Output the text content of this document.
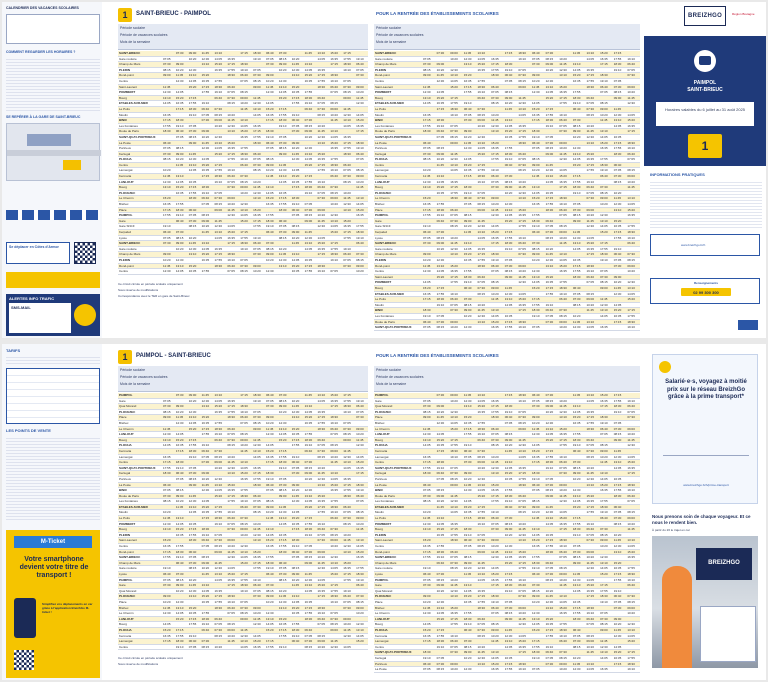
CALENDRIER DES VACANCES SCOLAIRES
COMMENT REGARDER LES HORAIRES ?
SE REPÉRER À LA GARE DE SAINT-BRIEUC
Se déplacer en Côtes d'Armor
ALERTES INFO TRAFIC
SMS-MAIL
1	SAINT-BRIEUC - PAIMPOL
Période scolaire
Période de vacances scolaires
Mois de la semaine
SAINT-BRIEUC	07:30 09:00 11:45 13:10	17:15 18:30 06:40 07:30	11:45 13:10 15:20 17:15
Gare routière	07:05	10:20 12:30 14:05 16:35	19:10 07:05 08:15 10:20	14:05 16:35 17:55 19:10
Champ de Mars	07:30 09:00	13:10 15:20 17:15 18:30	07:30 09:00 11:45 13:10	17:15 18:30 06:40
PLERIN	08:15 10:20 12:30	16:35 17:55 19:10 07:05	10:20 12:30 14:05 16:35	19:10 07:05
Rond-point	09:00 11:45 13:10 15:20	18:30 06:40 07:30 09:00	13:10 15:20 17:15 18:30	07:30
Centre	12:30 14:05 16:35 17:55	07:05 08:15 10:20 12:30	16:35 17:55 19:10 07:05
Saint-Laurent	11:45	15:20 17:15 18:30 06:40	09:00 11:45 13:10 15:20	18:30 06:40 07:30 09:00
POMMERIT	12:30 14:05	17:55 19:10 07:05 08:15	12:30 14:05 16:35 17:55	07:05 08:15 10:20
Bourg	13:10 15:20 17:15	06:40 07:30 09:00 11:45	15:20 17:15 18:30 06:40	09:00 11:45
ETABLES-SUR-MER	14:05 16:35 17:55 19:10	08:15 10:20 12:30 14:05	17:55 19:10 07:05 08:15	12:30
Le Puits	17:15 18:30 06:40 07:30	11:45 13:10 15:20 17:15	06:40 07:30 09:00 11:45
Moulin	16:35	19:10 07:05 08:15 10:20	14:05 16:35 17:55 19:10	08:15 10:20 12:30 14:05
BINIC	17:15 18:30	07:30 09:00 11:45 13:10	17:15 18:30 06:40 07:30	11:45 13:10 15:20
Les Fontaines	17:55 19:10 07:05	10:20 12:30 14:05 16:35	19:10 07:05 08:15 10:20	14:05 16:35
Route de Paris	18:30 06:40 07:30 09:00	13:10 15:20 17:15 18:30	07:30 09:00 11:45 13:10	17:15
SAINT-QUAY-PORTRIEUX	07:05 08:15 10:20 12:30	16:35 17:55 19:10 07:05	10:20 12:30 14:05 16:35
La Poste	06:40	09:00 11:45 13:10 15:20	18:30 06:40 07:30 09:00	13:10 15:20 17:15 18:30
Portrieux	07:05 08:15	12:30 14:05 16:35 17:55	07:05 08:15 10:20 12:30	16:35 17:55 19:10
Kertugal	07:30 09:00 11:45	15:20 17:15 18:30 06:40	09:00 11:45 13:10 15:20	18:30 06:40
PLOUHA	08:15 10:20 12:30 14:05	17:55 19:10 07:05 08:15	12:30 14:05 16:35 17:55	07:05
Centre	11:45 13:10 15:20 17:15	06:40 07:30 09:00 11:45	15:20 17:15 18:30 06:40
Lannergat	10:20	14:05 16:35 17:55 19:10	08:15 10:20 12:30 14:05	17:55 19:10 07:05 08:15
Kermaria	11:45 13:10	17:15 18:30 06:40 07:30	11:45 13:10 15:20 17:15	06:40 07:30 09:00
LANLOUP	12:30 14:05 16:35	19:10 07:05 08:15 10:20	14:05 16:35 17:55 19:10	08:15 10:20
Bourg	13:10 15:20 17:15 18:30	07:30 09:00 11:45 13:10	17:15 18:30 06:40 07:30	11:45
PLOUEZEC	16:35 17:55 19:10 07:05	10:20 12:30 14:05 16:35	19:10 07:05 08:15 10:20
Le Chemin	15:20	18:30 06:40 07:30 09:00	13:10 15:20 17:15 18:30	07:30 09:00 11:45 13:10
Bréhec	16:35 17:55	07:05 08:15 10:20 12:30	16:35 17:55 19:10 07:05	10:20 12:30 14:05
Place	17:15 18:30 06:40	09:00 11:45 13:10 15:20	18:30 06:40 07:30 09:00	13:10 15:20
PAIMPOL	17:55 19:10 07:05 08:15	12:30 14:05 16:35 17:55	07:05 08:15 10:20 12:30	16:35
Gare	06:40 07:30 09:00 11:45	15:20 17:15 18:30 06:40	09:00 11:45 13:10 15:20
Gare SNCF	19:10	08:15 10:20 12:30 14:05	17:55 19:10 07:05 08:15	12:30 14:05 16:35 17:55
Kerpalud	06:40 07:30	11:45 13:10 15:20 17:15	06:40 07:30 09:00 11:45	15:20 17:15 18:30
Lycée	07:05 08:15 10:20	14:05 16:35 17:55 19:10	08:15 10:20 12:30 14:05	17:55 19:10
SAINT-BRIEUC	07:30 09:00 11:45 13:10	17:15 18:30 06:40 07:30	11:45 13:10 15:20 17:15	06:40
Gare routière	10:20 12:30 14:05 16:35	19:10 07:05 08:15 10:20	14:05 16:35 17:55 19:10
Champ de Mars	09:00	13:10 15:20 17:15 18:30	07:30 09:00 11:45 13:10	17:15 18:30 06:40 07:30
PLERIN	10:20 12:30	16:35 17:55 19:10 07:05	10:20 12:30 14:05 16:35	19:10 07:05 08:15
Rond-point	11:45 13:10 15:20	18:30 06:40 07:30 09:00	13:10 15:20 17:15 18:30	07:30 09:00
Centre	12:30 14:05 16:35 17:55	07:05 08:15 10:20 12:30	16:35 17:55 19:10 07:05	10:20
Ce circuit circule en période scolaire uniquement
Sous réserve de modifications
Correspondance avec le TER en gare de Saint-Brieuc
POUR LA RENTRÉE DES ÉTABLISSEMENTS SCOLAIRES
Période scolaire
Période de vacances scolaires
Mois de la semaine
SAINT-BRIEUC	07:30 09:00 11:45 13:10	17:15 18:30 06:40 07:30	11:45 13:10 15:20 17:15
Gare routière	07:05	10:20 12:30 14:05 16:35	19:10 07:05 08:15 10:20	14:05 16:35 17:55 19:10
Champ de Mars	07:30 09:00	13:10 15:20 17:15 18:30	07:30 09:00 11:45 13:10	17:15 18:30 06:40
PLERIN	08:15 10:20 12:30	16:35 17:55 19:10 07:05	10:20 12:30 14:05 16:35	19:10 07:05
Rond-point	09:00 11:45 13:10 15:20	18:30 06:40 07:30 09:00	13:10 15:20 17:15 18:30	07:30
Centre	12:30 14:05 16:35 17:55	07:05 08:15 10:20 12:30	16:35 17:55 19:10 07:05
Saint-Laurent	11:45	15:20 17:15 18:30 06:40	09:00 11:45 13:10 15:20	18:30 06:40 07:30 09:00
POMMERIT	12:30 14:05	17:55 19:10 07:05 08:15	12:30 14:05 16:35 17:55	07:05 08:15 10:20
Bourg	13:10 15:20 17:15	06:40 07:30 09:00 11:45	15:20 17:15 18:30 06:40	09:00 11:45
ETABLES-SUR-MER	14:05 16:35 17:55 19:10	08:15 10:20 12:30 14:05	17:55 19:10 07:05 08:15	12:30
Le Puits	17:15 18:30 06:40 07:30	11:45 13:10 15:20 17:15	06:40 07:30 09:00 11:45
Moulin	16:35	19:10 07:05 08:15 10:20	14:05 16:35 17:55 19:10	08:15 10:20 12:30 14:05
BINIC	17:15 18:30	07:30 09:00 11:45 13:10	17:15 18:30 06:40 07:30	11:45 13:10 15:20
Les Fontaines	17:55 19:10 07:05	10:20 12:30 14:05 16:35	19:10 07:05 08:15 10:20	14:05 16:35
Route de Paris	18:30 06:40 07:30 09:00	13:10 15:20 17:15 18:30	07:30 09:00 11:45 13:10	17:15
SAINT-QUAY-PORTRIEUX	07:05 08:15 10:20 12:30	16:35 17:55 19:10 07:05	10:20 12:30 14:05 16:35
La Poste	06:40	09:00 11:45 13:10 15:20	18:30 06:40 07:30 09:00	13:10 15:20 17:15 18:30
Portrieux	07:05 08:15	12:30 14:05 16:35 17:55	07:05 08:15 10:20 12:30	16:35 17:55 19:10
Kertugal	07:30 09:00 11:45	15:20 17:15 18:30 06:40	09:00 11:45 13:10 15:20	18:30 06:40
PLOUHA	08:15 10:20 12:30 14:05	17:55 19:10 07:05 08:15	12:30 14:05 16:35 17:55	07:05
Centre	11:45 13:10 15:20 17:15	06:40 07:30 09:00 11:45	15:20 17:15 18:30 06:40
Lannergat	10:20	14:05 16:35 17:55 19:10	08:15 10:20 12:30 14:05	17:55 19:10 07:05 08:15
Kermaria	11:45 13:10	17:15 18:30 06:40 07:30	11:45 13:10 15:20 17:15	06:40 07:30 09:00
LANLOUP	12:30 14:05 16:35	19:10 07:05 08:15 10:20	14:05 16:35 17:55 19:10	08:15 10:20
Bourg	13:10 15:20 17:15 18:30	07:30 09:00 11:45 13:10	17:15 18:30 06:40 07:30	11:45
PLOUEZEC	16:35 17:55 19:10 07:05	10:20 12:30 14:05 16:35	19:10 07:05 08:15 10:20
Le Chemin	15:20	18:30 06:40 07:30 09:00	13:10 15:20 17:15 18:30	07:30 09:00 11:45 13:10
Bréhec	16:35 17:55	07:05 08:15 10:20 12:30	16:35 17:55 19:10 07:05	10:20 12:30 14:05
Place	17:15 18:30 06:40	09:00 11:45 13:10 15:20	18:30 06:40 07:30 09:00	13:10 15:20
PAIMPOL	17:55 19:10 07:05 08:15	12:30 14:05 16:35 17:55	07:05 08:15 10:20 12:30	16:35
Gare	06:40 07:30 09:00 11:45	15:20 17:15 18:30 06:40	09:00 11:45 13:10 15:20
Gare SNCF	19:10	08:15 10:20 12:30 14:05	17:55 19:10 07:05 08:15	12:30 14:05 16:35 17:55
Kerpalud	06:40 07:30	11:45 13:10 15:20 17:15	06:40 07:30 09:00 11:45	15:20 17:15 18:30
Lycée	07:05 08:15 10:20	14:05 16:35 17:55 19:10	08:15 10:20 12:30 14:05	17:55 19:10
SAINT-BRIEUC	07:30 09:00 11:45 13:10	17:15 18:30 06:40 07:30	11:45 13:10 15:20 17:15	06:40
Gare routière	10:20 12:30 14:05 16:35	19:10 07:05 08:15 10:20	14:05 16:35 17:55 19:10
Champ de Mars	09:00	13:10 15:20 17:15 18:30	07:30 09:00 11:45 13:10	17:15 18:30 06:40 07:30
PLERIN	10:20 12:30	16:35 17:55 19:10 07:05	10:20 12:30 14:05 16:35	19:10 07:05 08:15
Rond-point	11:45 13:10 15:20	18:30 06:40 07:30 09:00	13:10 15:20 17:15 18:30	07:30 09:00
Centre	12:30 14:05 16:35 17:55	07:05 08:15 10:20 12:30	16:35 17:55 19:10 07:05	10:20
Saint-Laurent	15:20 17:15 18:30 06:40	09:00 11:45 13:10 15:20	18:30 06:40 07:30 09:00
POMMERIT	14:05	17:55 19:10 07:05 08:15	12:30 14:05 16:35 17:55	07:05 08:15 10:20 12:30
Bourg	15:20 17:15	06:40 07:30 09:00 11:45	15:20 17:15 18:30 06:40	09:00 11:45 13:10
ETABLES-SUR-MER	16:35 17:55 19:10	08:15 10:20 12:30 14:05	17:55 19:10 07:05 08:15	12:30 14:05
Le Puits	17:15 18:30 06:40 07:30	11:45 13:10 15:20 17:15	06:40 07:30 09:00 11:45	15:20
Moulin	19:10 07:05 08:15 10:20	14:05 16:35 17:55 19:10	08:15 10:20 12:30 14:05
BINIC	18:30	07:30 09:00 11:45 13:10	17:15 18:30 06:40 07:30	11:45 13:10 15:20 17:15
Les Fontaines	19:10 07:05	10:20 12:30 14:05 16:35	19:10 07:05 08:15 10:20	14:05 16:35 17:55
Route de Paris	06:40 07:30 09:00	13:10 15:20 17:15 18:30	07:30 09:00 11:45 13:10	17:15 18:30
SAINT-QUAY-PORTRIEUX	07:05 08:15 10:20 12:30	16:35 17:55 19:10 07:05	10:20 12:30 14:05 16:35	19:10
BREIZHGO	Région Bretagne
PAIMPOL
SAINT-BRIEUC
Horaires valables du 6 juillet au 31 août 2025
1
INFORMATIONS PRATIQUES
www.breizhgo.bzh
Renseignements
02 99 300 300
TARIFS
LES POINTS DE VENTE
M-Ticket
Votre smartphone devient votre titre de transport !
Simplifiez vos déplacements en car grâce à l'application BreizhGo M-ticket !
1	PAIMPOL - SAINT-BRIEUC
Période scolaire
Période de vacances scolaires
Mois de la semaine
PAIMPOL	07:30 09:00 11:45 13:10	17:15 18:30 06:40 07:30	11:45 13:10 15:20 17:15
Gare	07:05	10:20 12:30 14:05 16:35	19:10 07:05 08:15 10:20	14:05 16:35 17:55 19:10
Quai Morand	07:30 09:00	13:10 15:20 17:15 18:30	07:30 09:00 11:45 13:10	17:15 18:30 06:40
PLOUEZEC	08:15 10:20 12:30	16:35 17:55 19:10 07:05	10:20 12:30 14:05 16:35	19:10 07:05
Place	09:00 11:45 13:10 15:20	18:30 06:40 07:30 09:00	13:10 15:20 17:15 18:30	07:30
Bréhec	12:30 14:05 16:35 17:55	07:05 08:15 10:20 12:30	16:35 17:55 19:10 07:05
Le Chemin	11:45	15:20 17:15 18:30 06:40	09:00 11:45 13:10 15:20	18:30 06:40 07:30 09:00
LANLOUP	12:30 14:05	17:55 19:10 07:05 08:15	12:30 14:05 16:35 17:55	07:05 08:15 10:20
Bourg	13:10 15:20 17:15	06:40 07:30 09:00 11:45	15:20 17:15 18:30 06:40	09:00 11:45
PLOUHA	14:05 16:35 17:55 19:10	08:15 10:20 12:30 14:05	17:55 19:10 07:05 08:15	12:30
Kermaria	17:15 18:30 06:40 07:30	11:45 13:10 15:20 17:15	06:40 07:30 09:00 11:45
Lannergat	16:35	19:10 07:05 08:15 10:20	14:05 16:35 17:55 19:10	08:15 10:20 12:30 14:05
Centre	17:15 18:30	07:30 09:00 11:45 13:10	17:15 18:30 06:40 07:30	11:45 13:10 15:20
SAINT-QUAY-PORTRIEUX 17:55 19:10 07:05	10:20 12:30 14:05 16:35	19:10 07:05 08:15 10:20	14:05 16:35
Kertugal	18:30 06:40 07:30 09:00	13:10 15:20 17:15 18:30	07:30 09:00 11:45 13:10	17:15
Portrieux	07:05 08:15 10:20 12:30	16:35 17:55 19:10 07:05	10:20 12:30 14:05 16:35
La Poste	06:40	09:00 11:45 13:10 15:20	18:30 06:40 07:30 09:00	13:10 15:20 17:15 18:30
BINIC	07:05 08:15	12:30 14:05 16:35 17:55	07:05 08:15 10:20 12:30	16:35 17:55 19:10
Route de Paris	07:30 09:00 11:45	15:20 17:15 18:30 06:40	09:00 11:45 13:10 15:20	18:30 06:40
Les Fontaines	08:15 10:20 12:30 14:05	17:55 19:10 07:05 08:15	12:30 14:05 16:35 17:55	07:05
ETABLES-SUR-MER	11:45 13:10 15:20 17:15	06:40 07:30 09:00 11:45	15:20 17:15 18:30 06:40
Moulin	10:20	14:05 16:35 17:55 19:10	08:15 10:20 12:30 14:05	17:55 19:10 07:05 08:15
Le Puits	11:45 13:10	17:15 18:30 06:40 07:30	11:45 13:10 15:20 17:15	06:40 07:30 09:00
POMMERIT	12:30 14:05 16:35	19:10 07:05 08:15 10:20	14:05 16:35 17:55 19:10	08:15 10:20
Bourg	13:10 15:20 17:15 18:30	07:30 09:00 11:45 13:10	17:15 18:30 06:40 07:30	11:45
PLERIN	16:35 17:55 19:10 07:05	10:20 12:30 14:05 16:35	19:10 07:05 08:15 10:20
Saint-Laurent	15:20	18:30 06:40 07:30 09:00	13:10 15:20 17:15 18:30	07:30 09:00 11:45 13:10
Centre	16:35 17:55	07:05 08:15 10:20 12:30	16:35 17:55 19:10 07:05	10:20 12:30 14:05
Rond-point	17:15 18:30 06:40	09:00 11:45 13:10 15:20	18:30 06:40 07:30 09:00	13:10 15:20
SAINT-BRIEUC	17:55 19:10 07:05 08:15	12:30 14:05 16:35 17:55	07:05 08:15 10:20 12:30	16:35
Champ de Mars	06:40 07:30 09:00 11:45	15:20 17:15 18:30 06:40	09:00 11:45 13:10 15:20
Gare routière	19:10	08:15 10:20 12:30 14:05	17:55 19:10 07:05 08:15	12:30 14:05 16:35 17:55
Lycée	06:40 07:30	11:45 13:10 15:20 17:15	06:40 07:30 09:00 11:45	15:20 17:15 18:30
PAIMPOL	07:05 08:15 10:20	14:05 16:35 17:55 19:10	08:15 10:20 12:30 14:05	17:55 19:10
Gare	07:30 09:00 11:45 13:10	17:15 18:30 06:40 07:30	11:45 13:10 15:20 17:15	06:40
Quai Morand	10:20 12:30 14:05 16:35	19:10 07:05 08:15 10:20	14:05 16:35 17:55 19:10
PLOUEZEC	09:00	13:10 15:20 17:15 18:30	07:30 09:00 11:45 13:10	17:15 18:30 06:40 07:30
Place	10:20 12:30	16:35 17:55 19:10 07:05	10:20 12:30 14:05 16:35	19:10 07:05 08:15
Bréhec	11:45 13:10 15:20	18:30 06:40 07:30 09:00	13:10 15:20 17:15 18:30	07:30 09:00
Le Chemin	12:30 14:05 16:35 17:55	07:05 08:15 10:20 12:30	16:35 17:55 19:10 07:05	10:20
LANLOUP	15:20 17:15 18:30 06:40	09:00 11:45 13:10 15:20	18:30 06:40 07:30 09:00
Bourg	14:05	17:55 19:10 07:05 08:15	12:30 14:05 16:35 17:55	07:05 08:15 10:20 12:30
PLOUHA	15:20 17:15	06:40 07:30 09:00 11:45	15:20 17:15 18:30 06:40	09:00 11:45 13:10
Kermaria	16:35 17:55 19:10	08:15 10:20 12:30 14:05	17:55 19:10 07:05 08:15	12:30 14:05
Lannergat	17:15 18:30 06:40 07:30	11:45 13:10 15:20 17:15	06:40 07:30 09:00 11:45	15:20
Centre	19:10 07:05 08:15 10:20	14:05 16:35 17:55 19:10	08:15 10:20 12:30 14:05
Ce circuit circule en période scolaire uniquement
Sous réserve de modifications
POUR LA RENTRÉE DES ÉTABLISSEMENTS SCOLAIRES
Période scolaire
Période de vacances scolaires
Mois de la semaine
PAIMPOL	07:30 09:00 11:45 13:10	17:15 18:30 06:40 07:30	11:45 13:10 15:20 17:15
Gare	07:05	10:20 12:30 14:05 16:35	19:10 07:05 08:15 10:20	14:05 16:35 17:55 19:10
Quai Morand	07:30 09:00	13:10 15:20 17:15 18:30	07:30 09:00 11:45 13:10	17:15 18:30 06:40
PLOUEZEC	08:15 10:20 12:30	16:35 17:55 19:10 07:05	10:20 12:30 14:05 16:35	19:10 07:05
Place	09:00 11:45 13:10 15:20	18:30 06:40 07:30 09:00	13:10 15:20 17:15 18:30	07:30
Bréhec	12:30 14:05 16:35 17:55	07:05 08:15 10:20 12:30	16:35 17:55 19:10 07:05
Le Chemin	11:45	15:20 17:15 18:30 06:40	09:00 11:45 13:10 15:20	18:30 06:40 07:30 09:00
LANLOUP	12:30 14:05	17:55 19:10 07:05 08:15	12:30 14:05 16:35 17:55	07:05 08:15 10:20
Bourg	13:10 15:20 17:15	06:40 07:30 09:00 11:45	15:20 17:15 18:30 06:40	09:00 11:45
PLOUHA	14:05 16:35 17:55 19:10	08:15 10:20 12:30 14:05	17:55 19:10 07:05 08:15	12:30
Kermaria	17:15 18:30 06:40 07:30	11:45 13:10 15:20 17:15	06:40 07:30 09:00 11:45
Lannergat	16:35	19:10 07:05 08:15 10:20	14:05 16:35 17:55 19:10	08:15 10:20 12:30 14:05
Centre	17:15 18:30	07:30 09:00 11:45 13:10	17:15 18:30 06:40 07:30	11:45 13:10 15:20
SAINT-QUAY-PORTRIEUX	17:55 19:10 07:05	10:20 12:30 14:05 16:35	19:10 07:05 08:15 10:20	14:05 16:35
Kertugal	18:30 06:40 07:30 09:00	13:10 15:20 17:15 18:30	07:30 09:00 11:45 13:10	17:15
Portrieux	07:05 08:15 10:20 12:30	16:35 17:55 19:10 07:05	10:20 12:30 14:05 16:35
La Poste	06:40	09:00 11:45 13:10 15:20	18:30 06:40 07:30 09:00	13:10 15:20 17:15 18:30
BINIC	07:05 08:15	12:30 14:05 16:35 17:55	07:05 08:15 10:20 12:30	16:35 17:55 19:10
Route de Paris	07:30 09:00 11:45	15:20 17:15 18:30 06:40	09:00 11:45 13:10 15:20	18:30 06:40
Les Fontaines	08:15 10:20 12:30 14:05	17:55 19:10 07:05 08:15	12:30 14:05 16:35 17:55	07:05
ETABLES-SUR-MER	11:45 13:10 15:20 17:15	06:40 07:30 09:00 11:45	15:20 17:15 18:30 06:40
Moulin	10:20	14:05 16:35 17:55 19:10	08:15 10:20 12:30 14:05	17:55 19:10 07:05 08:15
Le Puits	11:45 13:10	17:15 18:30 06:40 07:30	11:45 13:10 15:20 17:15	06:40 07:30 09:00
POMMERIT	12:30 14:05 16:35	19:10 07:05 08:15 10:20	14:05 16:35 17:55 19:10	08:15 10:20
Bourg	13:10 15:20 17:15 18:30	07:30 09:00 11:45 13:10	17:15 18:30 06:40 07:30	11:45
PLERIN	16:35 17:55 19:10 07:05	10:20 12:30 14:05 16:35	19:10 07:05 08:15 10:20
Saint-Laurent	15:20	18:30 06:40 07:30 09:00	13:10 15:20 17:15 18:30	07:30 09:00 11:45 13:10
Centre	16:35 17:55	07:05 08:15 10:20 12:30	16:35 17:55 19:10 07:05	10:20 12:30 14:05
Rond-point	17:15 18:30 06:40	09:00 11:45 13:10 15:20	18:30 06:40 07:30 09:00	13:10 15:20
SAINT-BRIEUC	17:55 19:10 07:05 08:15	12:30 14:05 16:35 17:55	07:05 08:15 10:20 12:30	16:35
Champ de Mars	06:40 07:30 09:00 11:45	15:20 17:15 18:30 06:40	09:00 11:45 13:10 15:20
Gare routière	19:10	08:15 10:20 12:30 14:05	17:55 19:10 07:05 08:15	12:30 14:05 16:35 17:55
Lycée	06:40 07:30	11:45 13:10 15:20 17:15	06:40 07:30 09:00 11:45	15:20 17:15 18:30
PAIMPOL	07:05 08:15 10:20	14:05 16:35 17:55 19:10	08:15 10:20 12:30 14:05	17:55 19:10
Gare	07:30 09:00 11:45 13:10	17:15 18:30 06:40 07:30	11:45 13:10 15:20 17:15	06:40
Quai Morand	10:20 12:30 14:05 16:35	19:10 07:05 08:15 10:20	14:05 16:35 17:55 19:10
PLOUEZEC	09:00	13:10 15:20 17:15 18:30	07:30 09:00 11:45 13:10	17:15 18:30 06:40 07:30
Place	10:20 12:30	16:35 17:55 19:10 07:05	10:20 12:30 14:05 16:35	19:10 07:05 08:15
Bréhec	11:45 13:10 15:20	18:30 06:40 07:30 09:00	13:10 15:20 17:15 18:30	07:30 09:00
Le Chemin	12:30 14:05 16:35 17:55	07:05 08:15 10:20 12:30	16:35 17:55 19:10 07:05	10:20
LANLOUP	15:20 17:15 18:30 06:40	09:00 11:45 13:10 15:20	18:30 06:40 07:30 09:00
Bourg	14:05	17:55 19:10 07:05 08:15	12:30 14:05 16:35 17:55	07:05 08:15 10:20 12:30
PLOUHA	15:20 17:15	06:40 07:30 09:00 11:45	15:20 17:15 18:30 06:40	09:00 11:45 13:10
Kermaria	16:35 17:55 19:10	08:15 10:20 12:30 14:05	17:55 19:10 07:05 08:15	12:30 14:05
Lannergat	17:15 18:30 06:40 07:30	11:45 13:10 15:20 17:15	06:40 07:30 09:00 11:45	15:20
Centre	19:10 07:05 08:15 10:20	14:05 16:35 17:55 19:10	08:15 10:20 12:30 14:05
SAINT-QUAY-PORTRIEUX	18:30	07:30 09:00 11:45 13:10	17:15 18:30 06:40 07:30	11:45 13:10 15:20 17:15
Kertugal	19:10 07:05	10:20 12:30 14:05 16:35	19:10 07:05 08:15 10:20	14:05 16:35 17:55
Portrieux	06:40 07:30 09:00	13:10 15:20 17:15 18:30	07:30 09:00 11:45 13:10	17:15 18:30
La Poste	07:05 08:15 10:20 12:30	16:35 17:55 19:10 07:05	10:20 12:30 14:05 16:35	19:10
Salarié·e·s, voyagez à moitié prix sur le réseau BreizhGo grâce à la prime transport*
www.breizhgo.bzh/prime-transport
Nous prenons soin de chaque voyageur. Et ce nous le rendent bien.
À partir du 26 le trajet en car
BREIZHGO
